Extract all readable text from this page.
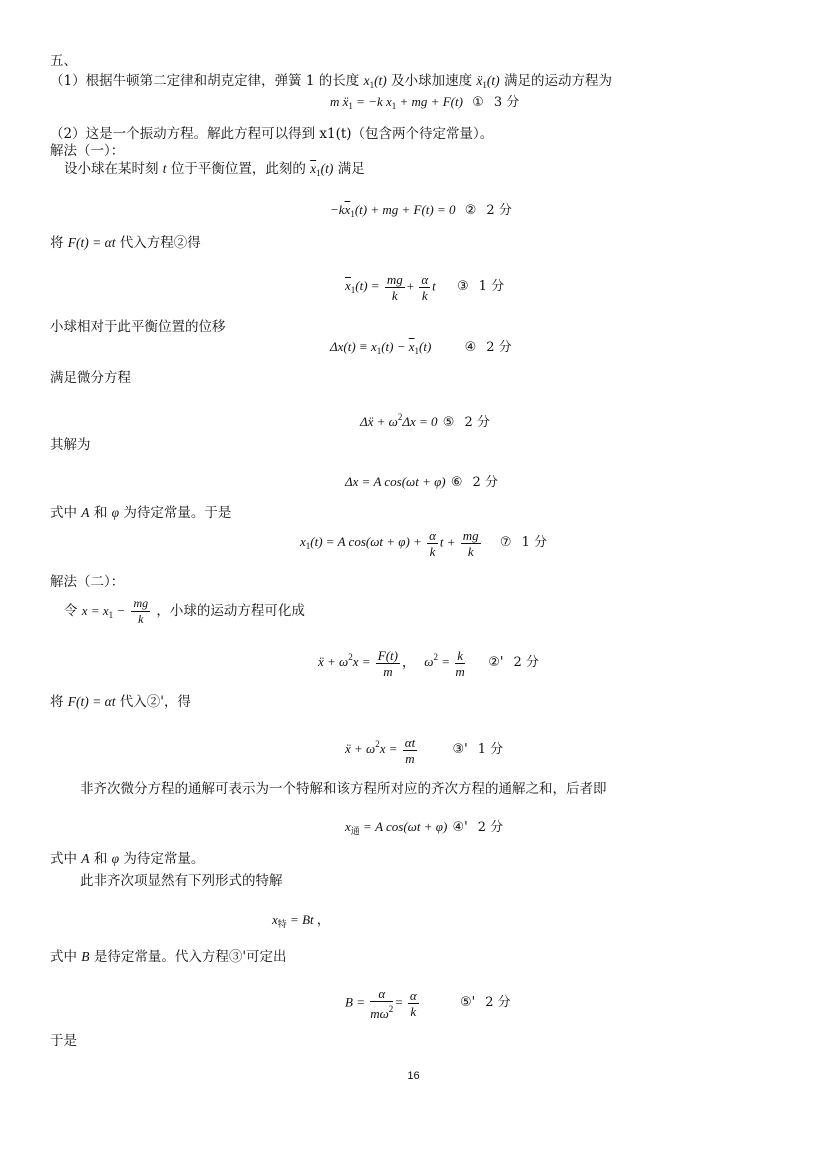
五、
（1）根据牛顿第二定律和胡克定律，弹簧 1 的长度 $x_1(t)$ 及小球加速度 ẍ$_1$(t) 满足的运动方程为
m ẍ$_1$ = −k $x_1$ + mg + F(t) ① 3 分
（2）这是一个振动方程。解此方程可以得到 x1(t)（包含两个待定常量）。
解法（一）：
设小球在某时刻 t 位于平衡位置，此刻的 $\overline{x}_1(t)$ 满足
$-k\overline{x}_1(t)$ + mg + F(t) = 0 ② 2 分
将 F(t) = αt 代入方程②得
$\overline{x}_1(t) = \frac{mg}{k} + \frac{\alpha}{k}$ t ③ 1 分
小球相对于此平衡位置的位移
$\Delta x(t) \equiv x_1(t) - \overline{x}_1(t)$	④ 2 分
满足微分方程
Δẍ + $\omega^2\Delta x = 0$ ⑤ 2 分
其解为
Δx = A cos(ωt + φ) ⑥ 2 分
式中 A 和 φ 为待定常量。于是
$x_1(t) = A$ $\cos(\omega t + \varphi) + \frac{\alpha}{k}$ $t + \frac{mg}{k}$ ⑦ 1 分
解法（二）：
令 $x = x_1 - \frac{mg}{k}$ ，小球的运动方程可化成
ẍ + $\omega^2x = \frac{F(t)}{m}$ ， $\omega^2 = \frac{k}{m}$ ②' 2 分
将 F(t) = αt 代入②'，得
ẍ + $\omega^2x = \frac{\alpha t}{m}$	③' 1 分
非齐次微分方程的通解可表示为一个特解和该方程所对应的齐次方程的通解之和，后者即
$x_通 = A$ cos(ωt + φ) ④' 2 分
式中 A 和 φ 为待定常量。
此非齐次项显然有下列形式的特解
$x_特 = Bt$ ，
式中 B 是待定常量。代入方程③'可定出
$B = \frac{\alpha}{m\omega^2} = \frac{\alpha}{k}$	⑤' 2 分
于是
16
